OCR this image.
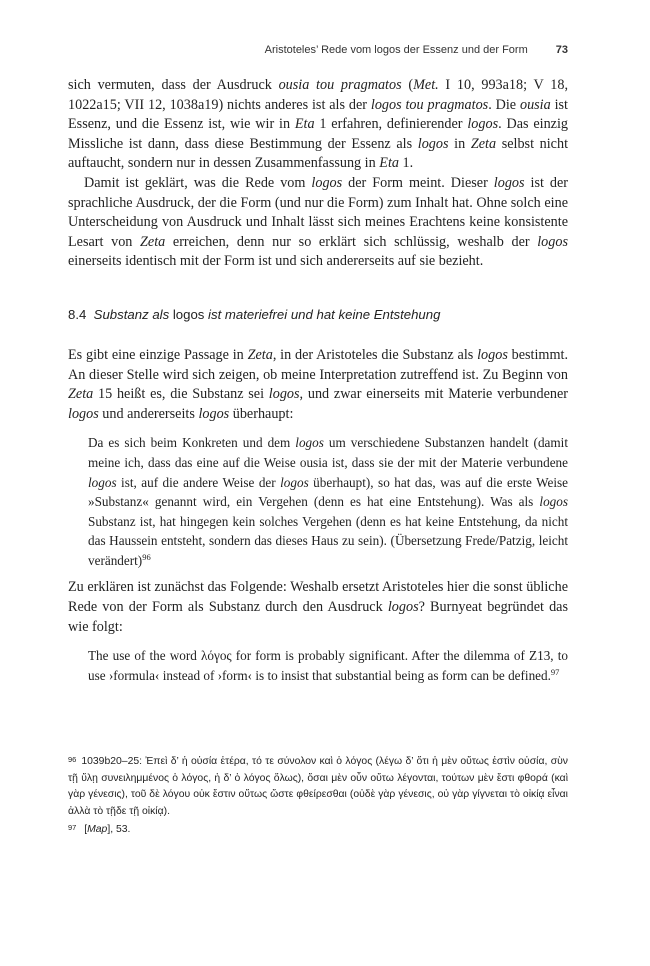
Aristoteles’ Rede vom logos der Essenz und der Form	73

sich vermuten, dass der Ausdruck ousia tou pragmatos (Met. I 10, 993a18; V 18, 1022a15; VII 12, 1038a19) nichts anderes ist als der logos tou pragmatos. Die ousia ist Essenz, und die Essenz ist, wie wir in Eta 1 erfahren, definierender logos. Das einzig Missliche ist dann, dass diese Bestimmung der Essenz als logos in Zeta selbst nicht auftaucht, sondern nur in dessen Zusammenfassung in Eta 1.

Damit ist geklärt, was die Rede vom logos der Form meint. Dieser logos ist der sprachliche Ausdruck, der die Form (und nur die Form) zum Inhalt hat. Ohne solch eine Unterscheidung von Ausdruck und Inhalt lässt sich meines Erachtens keine konsistente Lesart von Zeta erreichen, denn nur so erklärt sich schlüssig, weshalb der logos einerseits identisch mit der Form ist und sich andererseits auf sie bezieht.

8.4 Substanz als logos ist materiefrei und hat keine Entstehung

Es gibt eine einzige Passage in Zeta, in der Aristoteles die Substanz als logos bestimmt. An dieser Stelle wird sich zeigen, ob meine Interpretation zutreffend ist. Zu Beginn von Zeta 15 heißt es, die Substanz sei logos, und zwar einerseits mit Materie verbundener logos und andererseits logos überhaupt:

Da es sich beim Konkreten und dem logos um verschiedene Substanzen handelt (damit meine ich, dass das eine auf die Weise ousia ist, dass sie der mit der Materie verbundene logos ist, auf die andere Weise der logos überhaupt), so hat das, was auf die erste Weise »Substanz« genannt wird, ein Vergehen (denn es hat eine Entstehung). Was als logos Substanz ist, hat hingegen kein solches Vergehen (denn es hat keine Entstehung, da nicht das Haussein entsteht, sondern das dieses Haus zu sein). (Übersetzung Frede/Patzig, leicht verändert)$^{96}$

Zu erklären ist zunächst das Folgende: Weshalb ersetzt Aristoteles hier die sonst übliche Rede von der Form als Substanz durch den Ausdruck logos? Burnyeat begründet das wie folgt:

The use of the word λόγος for form is probably significant. After the dilemma of Z13, to use ›formula‹ instead of ›form‹ is to insist that substantial being as form can be defined.$^{97}$

96 1039b20–25: Ἐπεὶ δ’ ἡ οὐσία ἑτέρα, τό τε σύνολον καὶ ὁ λόγος (λέγω δ’ ὅτι ἡ μὲν οὕτως ἐστὶν οὐσία, σὺν τῇ ὕλῃ συνειλημμένος ὁ λόγος, ἡ δ’ ὁ λόγος ὅλως), ὅσαι μὲν οὖν οὕτω λέγονται, τούτων μὲν ἔστι φθορά (καὶ γὰρ γένεσις), τοῦ δὲ λόγου οὐκ ἔστιν οὕτως ὥστε φθείρεσθαι (οὐδὲ γὰρ γένεσις, οὐ γὰρ γίγνεται τὸ οἰκίᾳ εἶναι ἀλλὰ τὸ τῇδε τῇ οἰκίᾳ).

97 [Map], 53.
